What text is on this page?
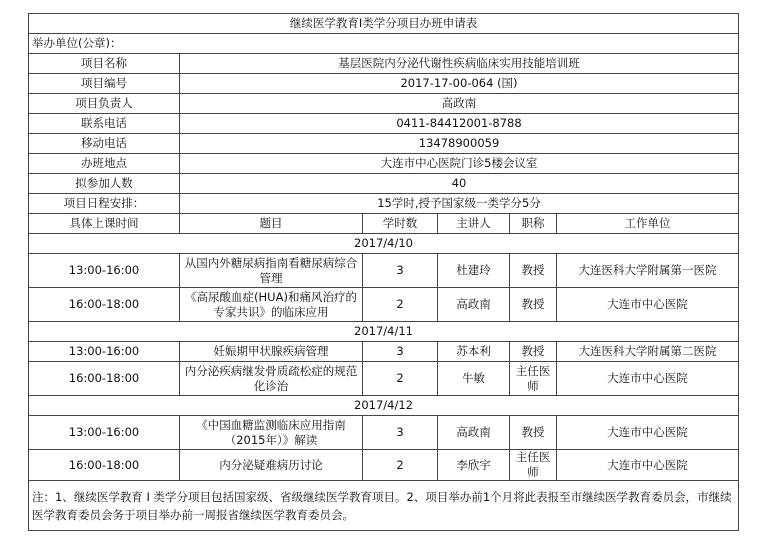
继续医学教育I类学分项目办班申请表					
举办单位(公章)：					
项目名称	基层医院内分泌代谢性疾病临床实用技能培训班				
项目编号	2017-17-00-064 (国)				
项目负责人	高政南				
联系电话	0411-84412001-8788				
移动电话	13478900059				
办班地点	大连市中心医院门诊5楼会议室				
拟参加人数	40				
项目日程安排：	15学时,授予国家级一类学分5分				
具体上课时间	题目	学时数	主讲人	职称	工作单位
2017/4/10					
13:00-16:00	从国内外糖尿病指南看糖尿病综合管理	3	杜建玲	教授	大连医科大学附属第一医院
16:00-18:00	《高尿酸血症(HUA)和痛风治疗的专家共识》的临床应用	2	高政南	教授	大连市中心医院
2017/4/11					
13:00-16:00	妊娠期甲状腺疾病管理	3	苏本利	教授	大连医科大学附属第二医院
16:00-18:00	内分泌疾病继发骨质疏松症的规范化诊治	2	牛敏	主任医师	大连市中心医院
2017/4/12					
13:00-16:00	《中国血糖监测临床应用指南（2015年）》解读	3	高政南	教授	大连市中心医院
16:00-18:00	内分泌疑难病历讨论	2	李欣宇	主任医师	大连市中心医院
注：1、继续医学教育 I 类学分项目包括国家级、省级继续医学教育项目。2、项目举办前1个月将此表报至市继续医学教育委员会，市继续医学教育委员会务于项目举办前一周报省继续医学教育委员会。					
